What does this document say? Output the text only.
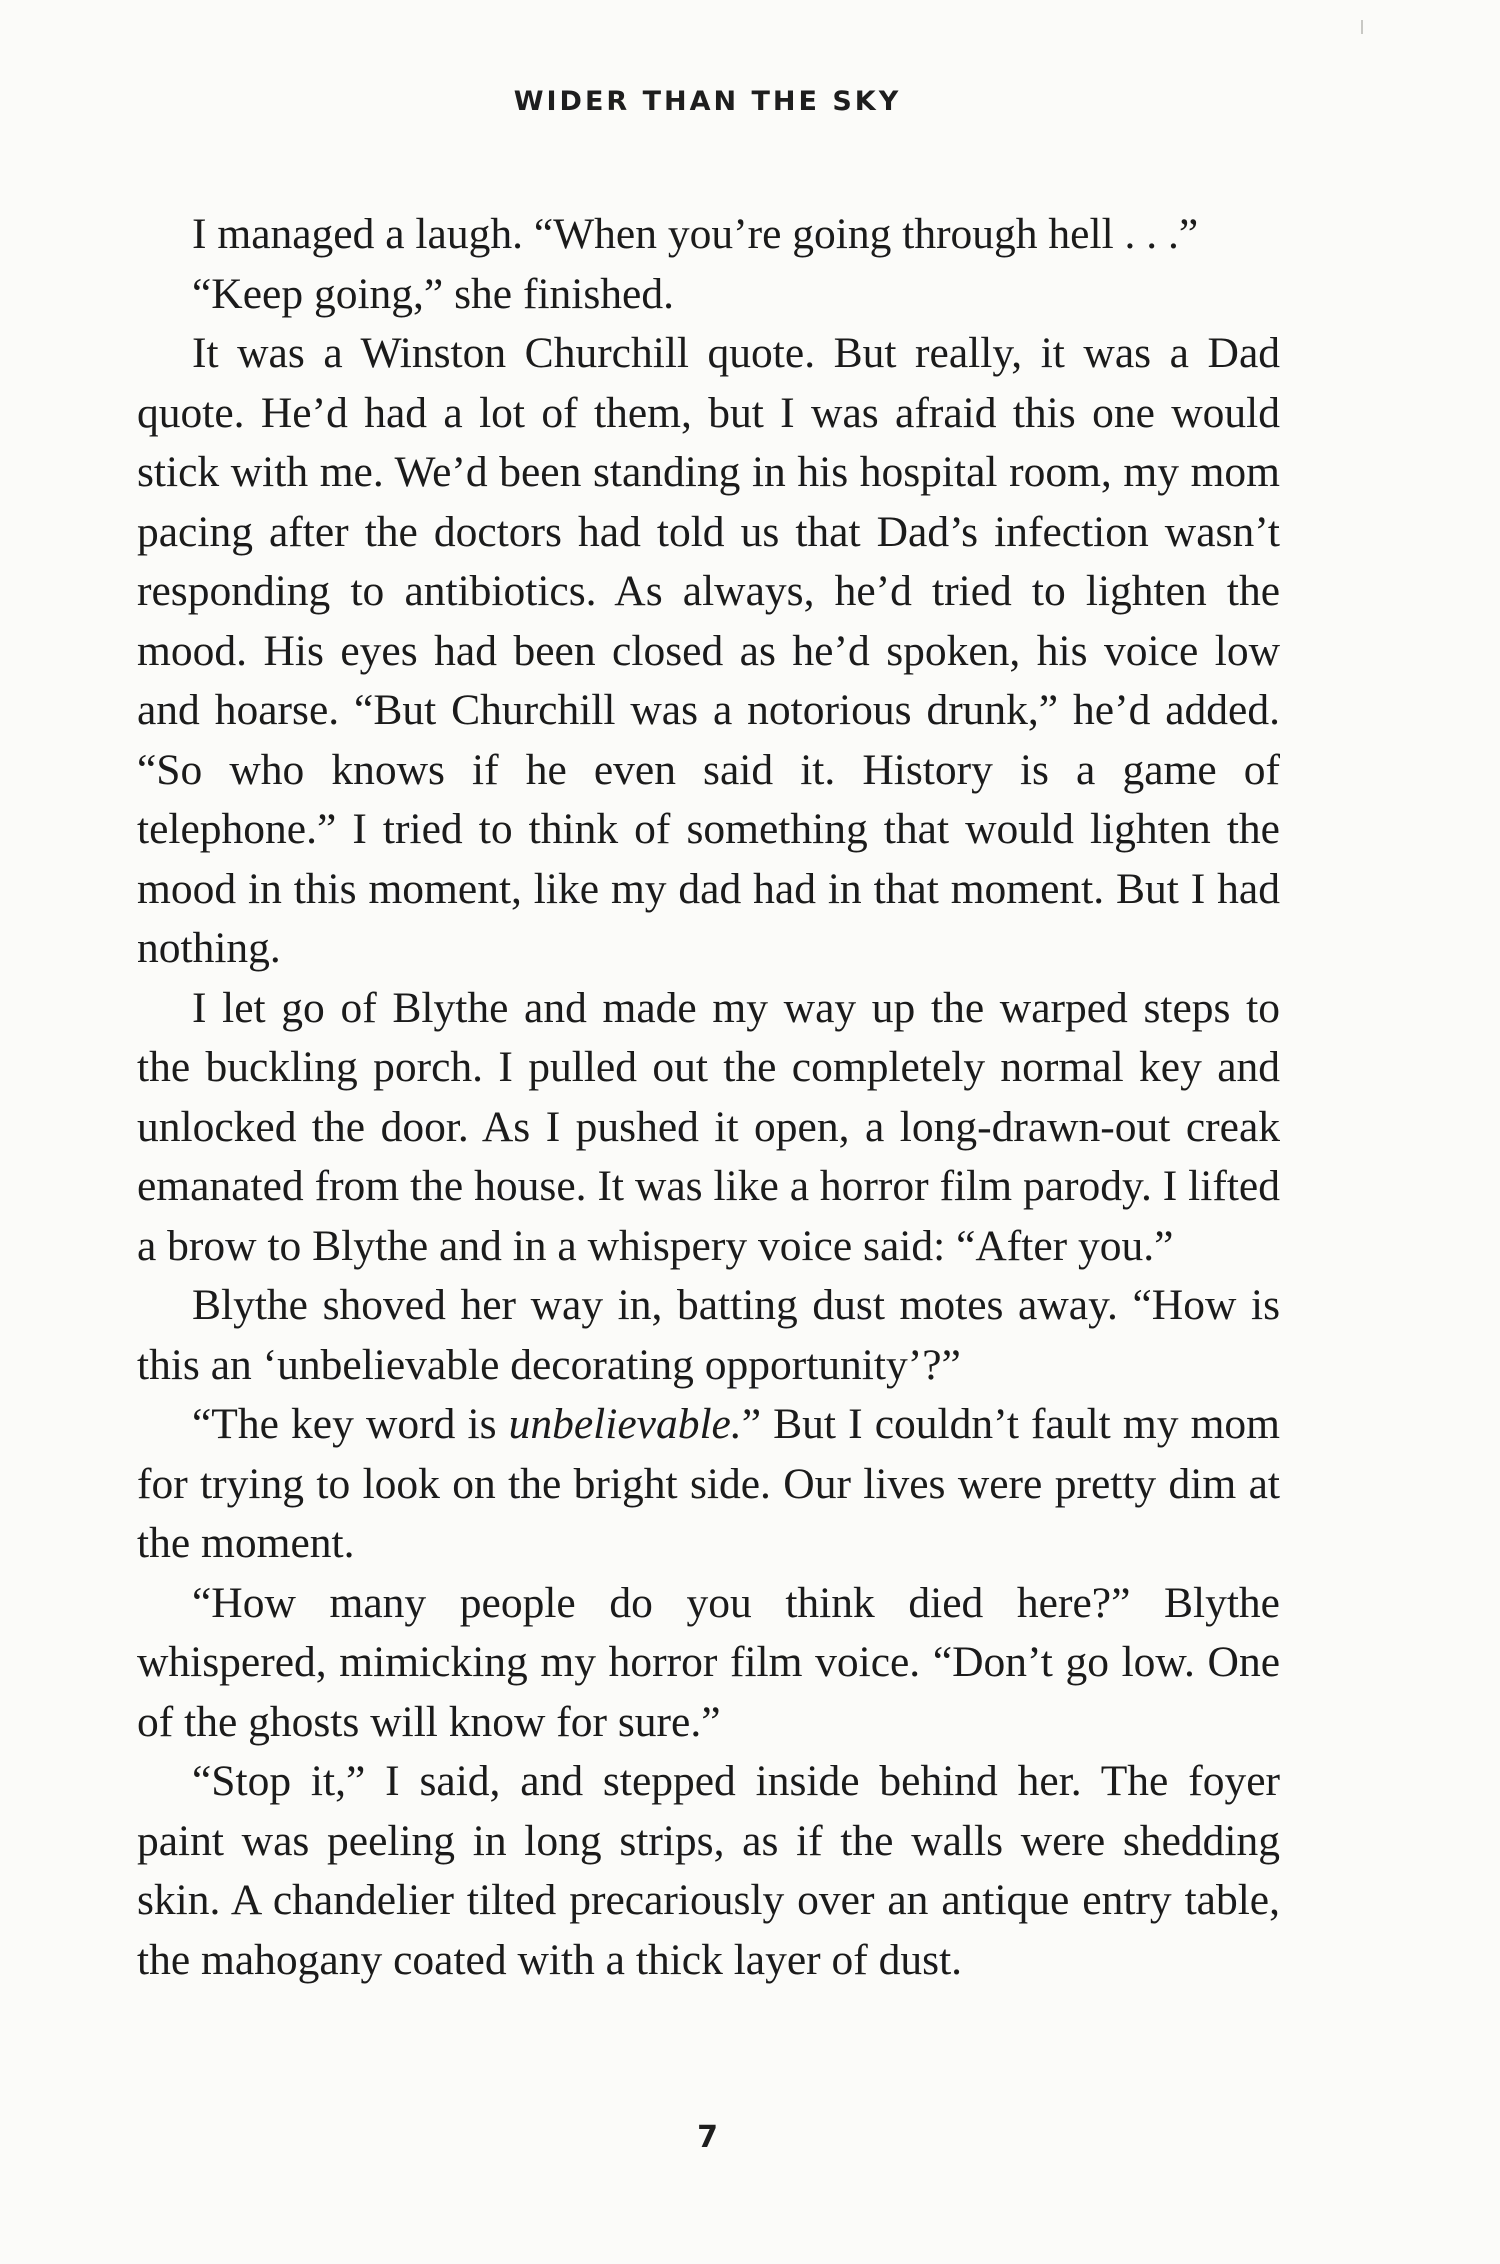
WIDER THAN THE SKY

I managed a laugh. “When you’re going through hell . . .”

“Keep going,” she finished.

It was a Winston Churchill quote. But really, it was a Dad quote. He’d had a lot of them, but I was afraid this one would stick with me. We’d been standing in his hospital room, my mom pacing after the doctors had told us that Dad’s infection wasn’t responding to antibiotics. As always, he’d tried to lighten the mood. His eyes had been closed as he’d spoken, his voice low and hoarse. “But Churchill was a notorious drunk,” he’d added. “So who knows if he even said it. History is a game of telephone.” I tried to think of something that would lighten the mood in this moment, like my dad had in that moment. But I had nothing.

I let go of Blythe and made my way up the warped steps to the buckling porch. I pulled out the completely normal key and unlocked the door. As I pushed it open, a long-drawn-out creak emanated from the house. It was like a horror film parody. I lifted a brow to Blythe and in a whispery voice said: “After you.”

Blythe shoved her way in, batting dust motes away. “How is this an ‘unbelievable decorating opportunity’?”

“The key word is unbelievable.” But I couldn’t fault my mom for trying to look on the bright side. Our lives were pretty dim at the moment.

“How many people do you think died here?” Blythe whispered, mimicking my horror film voice. “Don’t go low. One of the ghosts will know for sure.”

“Stop it,” I said, and stepped inside behind her. The foyer paint was peeling in long strips, as if the walls were shedding skin. A chandelier tilted precariously over an antique entry table, the mahogany coated with a thick layer of dust.

7
